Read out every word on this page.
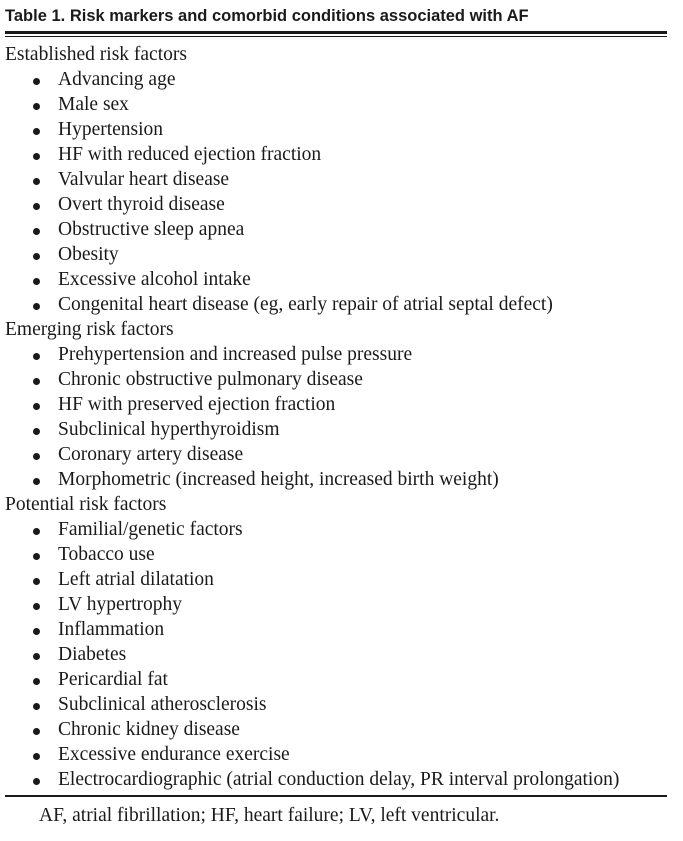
Table 1. Risk markers and comorbid conditions associated with AF
Established risk factors
Advancing age
Male sex
Hypertension
HF with reduced ejection fraction
Valvular heart disease
Overt thyroid disease
Obstructive sleep apnea
Obesity
Excessive alcohol intake
Congenital heart disease (eg, early repair of atrial septal defect)
Emerging risk factors
Prehypertension and increased pulse pressure
Chronic obstructive pulmonary disease
HF with preserved ejection fraction
Subclinical hyperthyroidism
Coronary artery disease
Morphometric (increased height, increased birth weight)
Potential risk factors
Familial/genetic factors
Tobacco use
Left atrial dilatation
LV hypertrophy
Inflammation
Diabetes
Pericardial fat
Subclinical atherosclerosis
Chronic kidney disease
Excessive endurance exercise
Electrocardiographic (atrial conduction delay, PR interval prolongation)
AF, atrial fibrillation; HF, heart failure; LV, left ventricular.
